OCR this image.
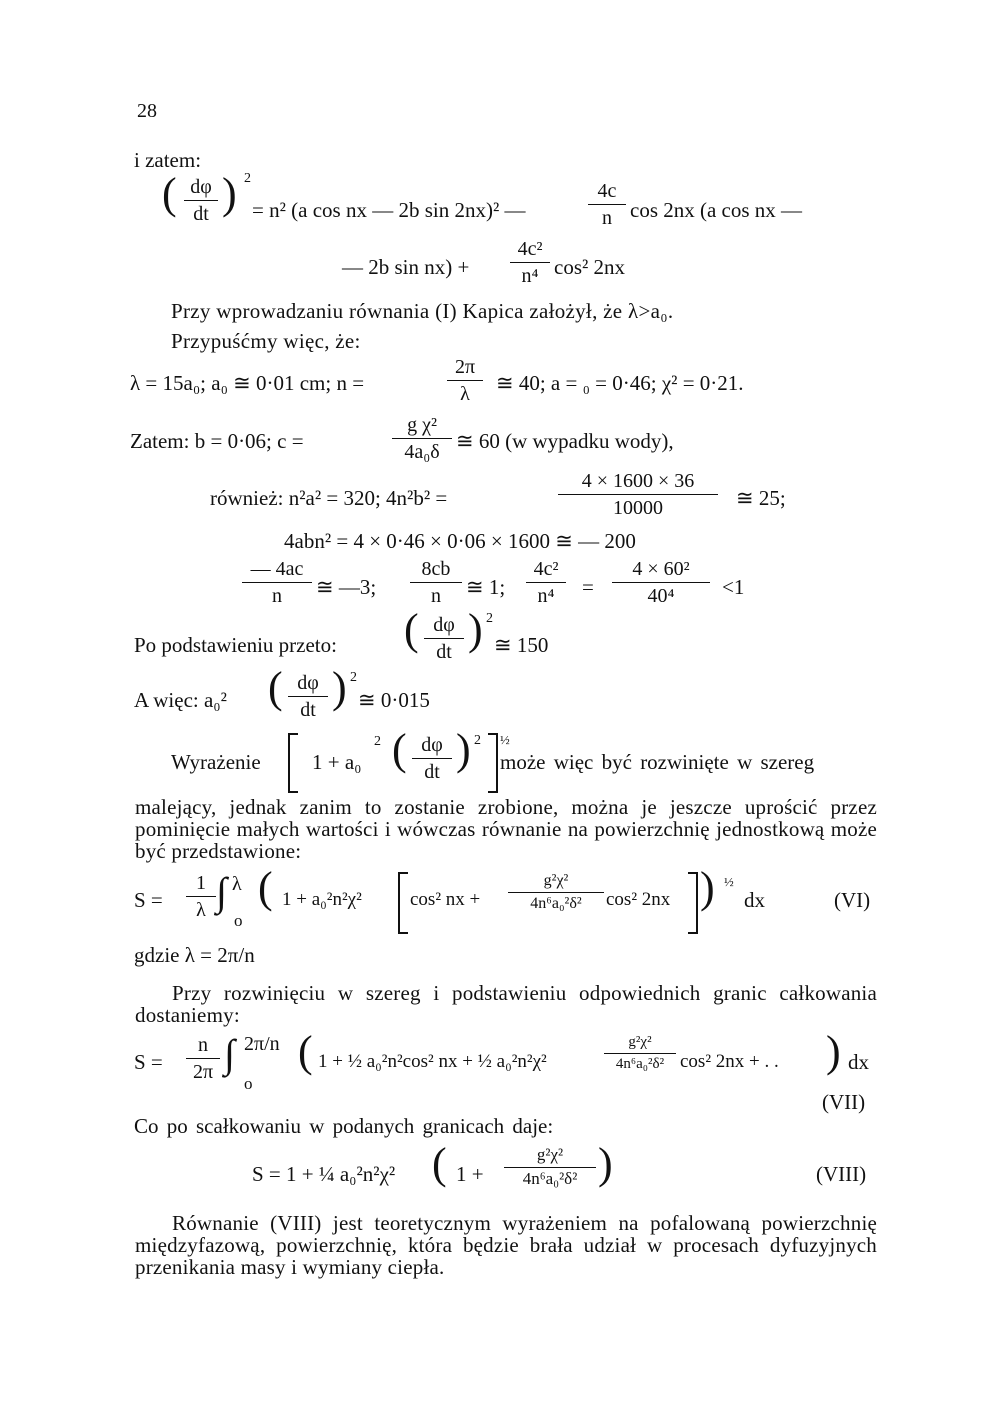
28
i zatem:
( dφ
dt ) 2
= n² (a cos nx — 2b sin 2nx)² —
4c
n cos 2nx (a cos nx —
— 2b sin nx) +
4c²
n⁴ cos² 2nx
Przy wprowadzaniu równania (I) Kapica założył, że λ>a₀.
Przypuśćmy więc, że:
λ = 15a₀; a₀ ≅ 0·01 cm; n =
2π
λ	≅ 40; a = ₀ = 0·46; χ² = 0·21.
Zatem: b = 0·06; c =
g χ²
4a₀δ ≅ 60 (w wypadku wody),
również: n²a² = 320; 4n²b² =
4 × 1600 × 36
10000	≅ 25;
4abn² = 4 × 0·46 × 0·06 × 1600 ≅ — 200
— 4ac
n	≅ —3;
8cb
n	≅ 1;
4c²
n⁴	=
4 × 60²
40⁴	<1
Po podstawieniu przeto: ( dφ
dt ) 2
≅ 150
A więc: a₀² ( dφ
dt ) 2
≅ 0·015
Wyrażenie 1 + a₀
2 ( dφ
dt ) 2 ½
może więc być rozwinięte w szereg
malejący, jednak zanim to zostanie zrobione, można je jeszcze uprościć przez pominięcie małych wartości i wówczas równanie na powierzchnię jednostkową może być przedstawione:
S =
1
λ ∫ λ
o
( 1 + a₀²n²χ²	cos² nx +
g²χ²
4n⁶a₀²δ²	cos² 2nx ) ½
dx	(VI)
gdzie λ = 2π/n
Przy rozwinięciu w szereg i podstawieniu odpowiednich granic całkowania dostaniemy:
S =
n
2π ∫ 2π/n
o
( 1 + ½ a₀²n²cos² nx + ½ a₀²n²χ²
g²χ²
4n⁶a₀²δ² cos² 2nx + . . ) dx
(VII)
Co po scałkowaniu w podanych granicach daje:
S = 1 + ¼ a₀²n²χ² ( 1 +
g²χ²
4n⁶a₀²δ² )	(VIII)
Równanie (VIII) jest teoretycznym wyrażeniem na pofalowaną powierzchnię międzyfazową, powierzchnię, która będzie brała udział w procesach dyfuzyjnych przenikania masy i wymiany ciepła.
